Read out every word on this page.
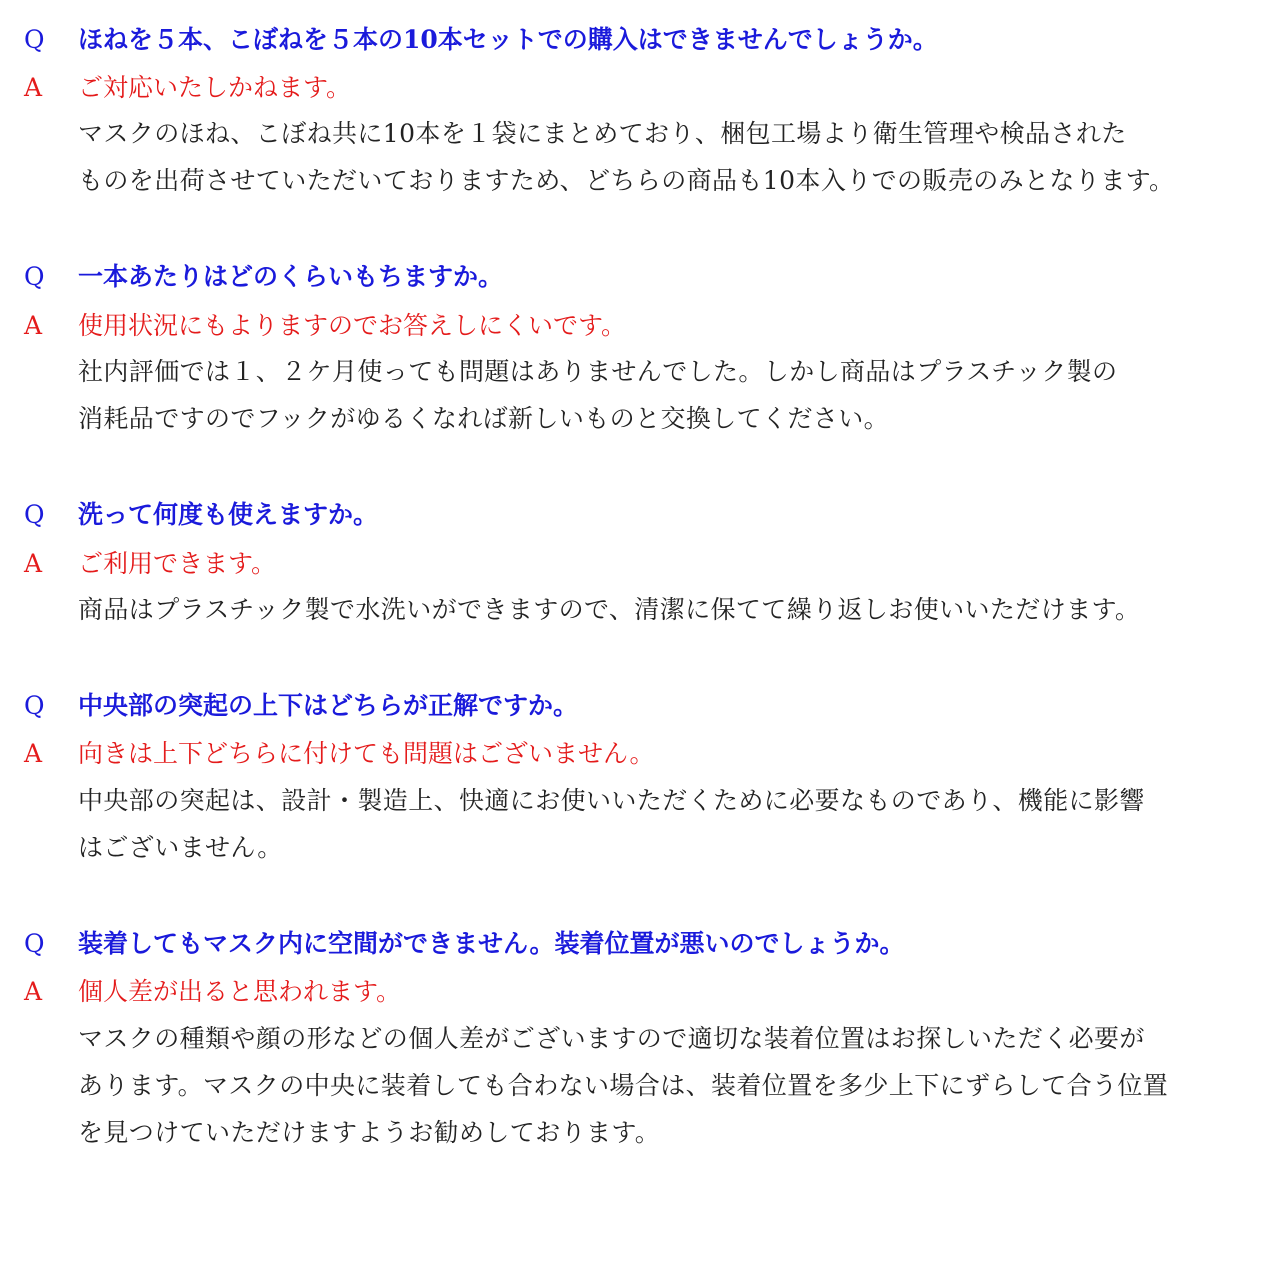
Q ほねを５本、こぼねを５本の10本セットでの購入はできませんでしょうか。
A ご対応いたしかねます。
マスクのほね、こぼね共に10本を１袋にまとめており、梱包工場より衛生管理や検品された
ものを出荷させていただいておりますため、どちらの商品も10本入りでの販売のみとなります。
Q 一本あたりはどのくらいもちますか。
A 使用状況にもよりますのでお答えしにくいです。
社内評価では１、２ケ月使っても問題はありませんでした。しかし商品はプラスチック製の
消耗品ですのでフックがゆるくなれば新しいものと交換してください。
Q 洗って何度も使えますか。
A ご利用できます。
商品はプラスチック製で水洗いができますので、清潔に保てて繰り返しお使いいただけます。
Q 中央部の突起の上下はどちらが正解ですか。
A 向きは上下どちらに付けても問題はございません。
中央部の突起は、設計・製造上、快適にお使いいただくために必要なものであり、機能に影響
はございません。
Q 装着してもマスク内に空間ができません。装着位置が悪いのでしょうか。
A 個人差が出ると思われます。
マスクの種類や顔の形などの個人差がございますので適切な装着位置はお探しいただく必要が
あります。マスクの中央に装着しても合わない場合は、装着位置を多少上下にずらして合う位置
を見つけていただけますようお勧めしております。
